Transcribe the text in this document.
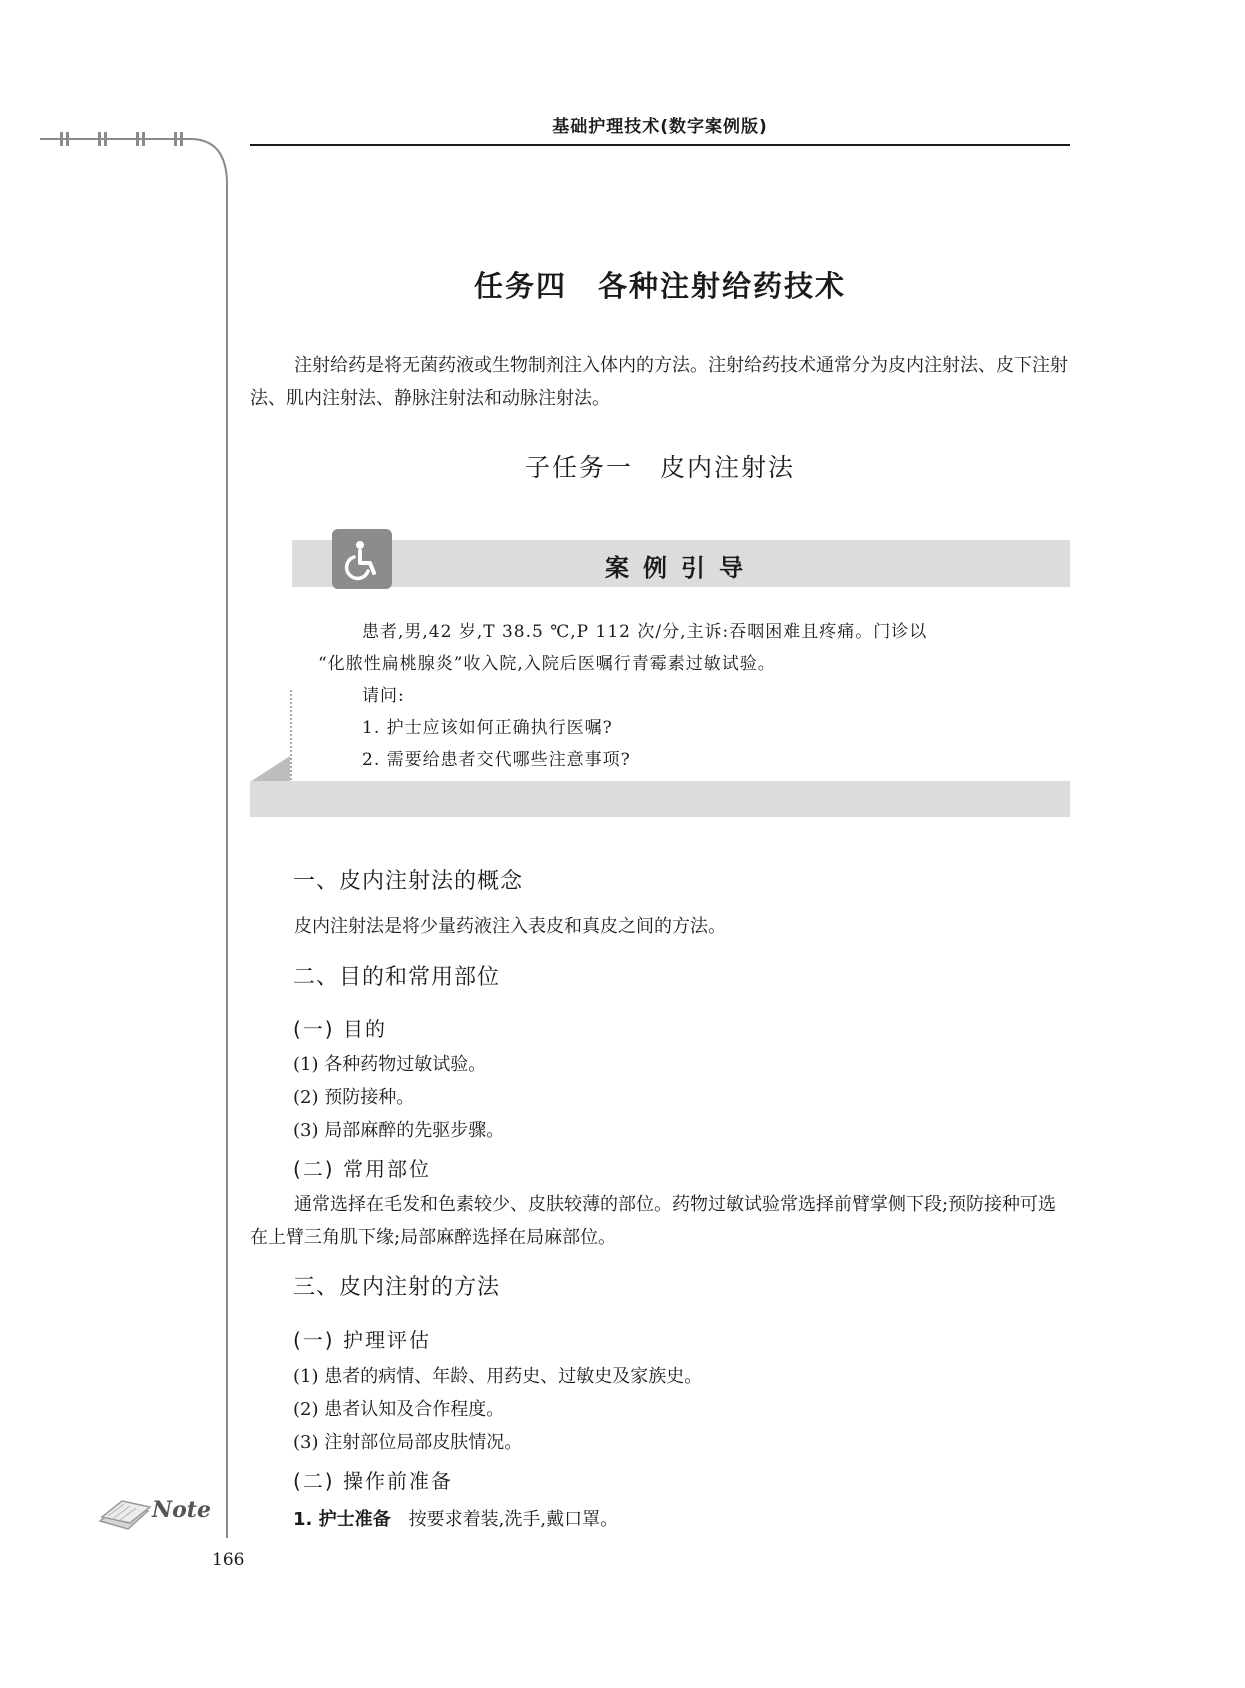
基础护理技术(数字案例版)
任务四　各种注射给药技术
注射给药是将无菌药液或生物制剂注入体内的方法。注射给药技术通常分为皮内注射法、皮下注射法、肌内注射法、静脉注射法和动脉注射法。
子任务一　皮内注射法
案例引导

患者,男,42 岁,T 38.5 ℃,P 112 次/分,主诉:吞咽困难且疼痛。门诊以

“化脓性扁桃腺炎”收入院,入院后医嘱行青霉素过敏试验。

请问:

1. 护士应该如何正确执行医嘱?

2. 需要给患者交代哪些注意事项?

一、皮内注射法的概念
皮内注射法是将少量药液注入表皮和真皮之间的方法。
二、目的和常用部位
(一) 目的
(1) 各种药物过敏试验。
(2) 预防接种。
(3) 局部麻醉的先驱步骤。
(二) 常用部位
通常选择在毛发和色素较少、皮肤较薄的部位。药物过敏试验常选择前臂掌侧下段;预防接种可选在上臂三角肌下缘;局部麻醉选择在局麻部位。
三、皮内注射的方法
(一) 护理评估
(1) 患者的病情、年龄、用药史、过敏史及家族史。
(2) 患者认知及合作程度。
(3) 注射部位局部皮肤情况。
(二) 操作前准备
1. 护士准备 按要求着装,洗手,戴口罩。
Note
166
